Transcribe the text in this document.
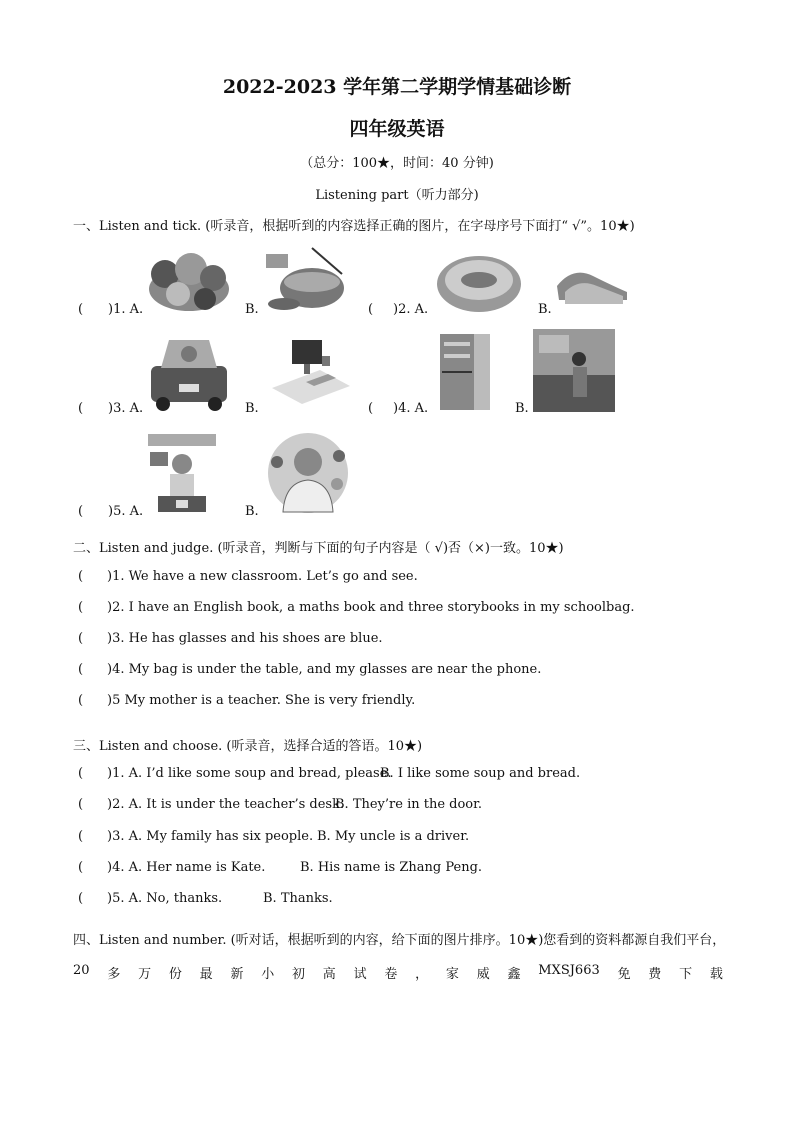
2022-2023 学年第二学期学情基础诊断
四年级英语
（总分：100★，时间：40 分钟)
Listening part（听力部分)
一、Listen and tick. (听录音，根据听到的内容选择正确的图片，在字母序号下面打“ √”。10★)
( )1. A.	B.	( )2. A.	B.
( )3. A.	B.	( )4. A.	B.
( )5. A.	B.
二、Listen and judge. (听录音，判断与下面的句子内容是（ √)否（×)一致。10★)
( )1. We have a new classroom. Let’s go and see.
( )2. I have an English book, a maths book and three storybooks in my schoolbag.
( )3. He has glasses and his shoes are blue.
( )4. My bag is under the table, and my glasses are near the phone.
( )5 My mother is a teacher. She is very friendly.
三、Listen and choose. (听录音，选择合适的答语。10★)
( )1. A. I’d like some soup and bread, please.
B. I like some soup and bread.
( )2. A. It is under the teacher’s desk.
B. They’re in the door.
( )3. A. My family has six people. B. My uncle is a driver.
( )4. A. Her name is Kate.	B. His name is Zhang Peng.
( )5. A. No, thanks.	B. Thanks.
四、Listen and number. (听对话，根据听到的内容，给下面的图片排序。10★)您看到的资料都源自我们平台，
20 多 万 份 最 新 小 初 高 试 卷 ， 家 威 鑫 MXSJ663 免 费 下 载
